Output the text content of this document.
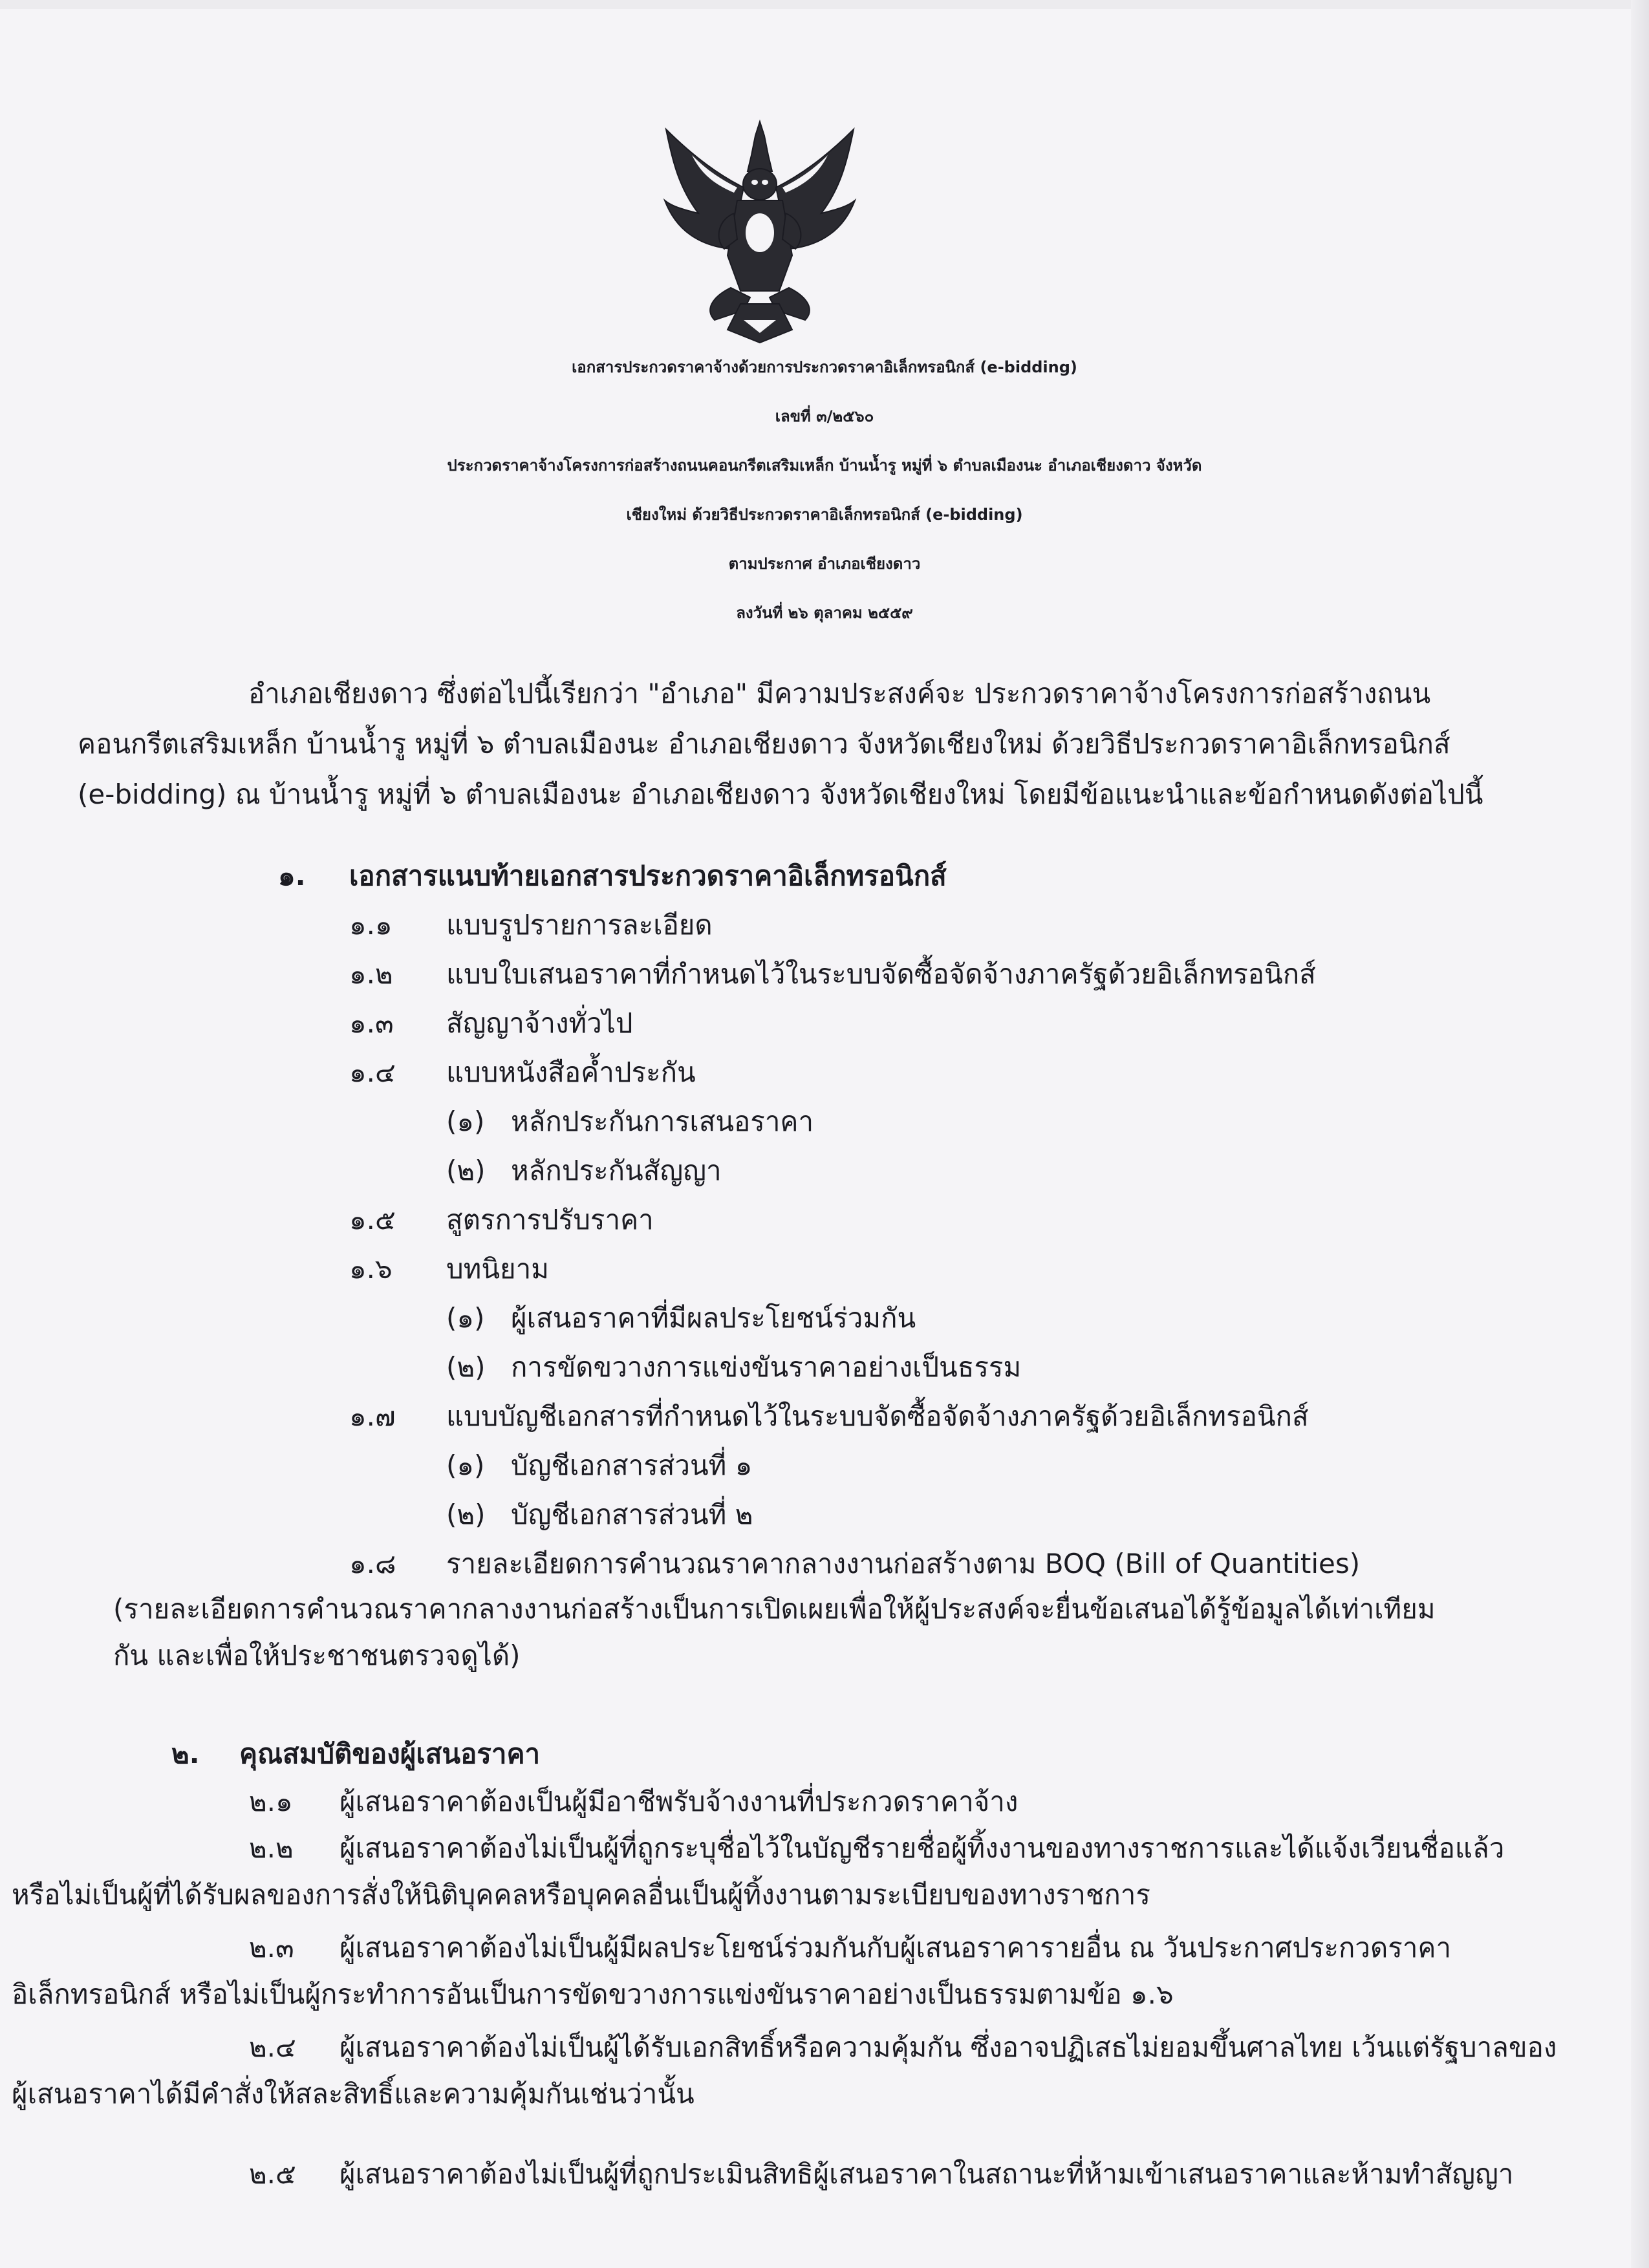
เอกสารประกวดราคาจ้างด้วยการประกวดราคาอิเล็กทรอนิกส์ (e-bidding)
เลขที่ ๓/๒๕๖๐
ประกวดราคาจ้างโครงการก่อสร้างถนนคอนกรีตเสริมเหล็ก บ้านน้ำรู หมู่ที่ ๖ ตำบลเมืองนะ อำเภอเชียงดาว จังหวัด
เชียงใหม่ ด้วยวิธีประกวดราคาอิเล็กทรอนิกส์ (e-bidding)
ตามประกาศ อำเภอเชียงดาว
ลงวันที่ ๒๖ ตุลาคม ๒๕๕๙
อำเภอเชียงดาว ซึ่งต่อไปนี้เรียกว่า "อำเภอ" มีความประสงค์จะ ประกวดราคาจ้างโครงการก่อสร้างถนน
คอนกรีตเสริมเหล็ก บ้านน้ำรู หมู่ที่ ๖ ตำบลเมืองนะ อำเภอเชียงดาว จังหวัดเชียงใหม่ ด้วยวิธีประกวดราคาอิเล็กทรอนิกส์
(e-bidding) ณ บ้านน้ำรู หมู่ที่ ๖ ตำบลเมืองนะ อำเภอเชียงดาว จังหวัดเชียงใหม่ โดยมีข้อแนะนำและข้อกำหนดดังต่อไปนี้
๑. เอกสารแนบท้ายเอกสารประกวดราคาอิเล็กทรอนิกส์
๑.๑ แบบรูปรายการละเอียด
๑.๒ แบบใบเสนอราคาที่กำหนดไว้ในระบบจัดซื้อจัดจ้างภาครัฐด้วยอิเล็กทรอนิกส์
๑.๓ สัญญาจ้างทั่วไป
๑.๔ แบบหนังสือค้ำประกัน
(๑) หลักประกันการเสนอราคา
(๒) หลักประกันสัญญา
๑.๕ สูตรการปรับราคา
๑.๖ บทนิยาม
(๑) ผู้เสนอราคาที่มีผลประโยชน์ร่วมกัน
(๒) การขัดขวางการแข่งขันราคาอย่างเป็นธรรม
๑.๗ แบบบัญชีเอกสารที่กำหนดไว้ในระบบจัดซื้อจัดจ้างภาครัฐด้วยอิเล็กทรอนิกส์
(๑) บัญชีเอกสารส่วนที่ ๑
(๒) บัญชีเอกสารส่วนที่ ๒
๑.๘ รายละเอียดการคำนวณราคากลางงานก่อสร้างตาม BOQ (Bill of Quantities)
(รายละเอียดการคำนวณราคากลางงานก่อสร้างเป็นการเปิดเผยเพื่อให้ผู้ประสงค์จะยื่นข้อเสนอได้รู้ข้อมูลได้เท่าเทียม
กัน และเพื่อให้ประชาชนตรวจดูได้)
๒. คุณสมบัติของผู้เสนอราคา
๒.๑ ผู้เสนอราคาต้องเป็นผู้มีอาชีพรับจ้างงานที่ประกวดราคาจ้าง
๒.๒ ผู้เสนอราคาต้องไม่เป็นผู้ที่ถูกระบุชื่อไว้ในบัญชีรายชื่อผู้ทิ้งงานของทางราชการและได้แจ้งเวียนชื่อแล้ว
หรือไม่เป็นผู้ที่ได้รับผลของการสั่งให้นิติบุคคลหรือบุคคลอื่นเป็นผู้ทิ้งงานตามระเบียบของทางราชการ
๒.๓ ผู้เสนอราคาต้องไม่เป็นผู้มีผลประโยชน์ร่วมกันกับผู้เสนอราคารายอื่น ณ วันประกาศประกวดราคา
อิเล็กทรอนิกส์ หรือไม่เป็นผู้กระทำการอันเป็นการขัดขวางการแข่งขันราคาอย่างเป็นธรรมตามข้อ ๑.๖
๒.๔ ผู้เสนอราคาต้องไม่เป็นผู้ได้รับเอกสิทธิ์หรือความคุ้มกัน ซึ่งอาจปฏิเสธไม่ยอมขึ้นศาลไทย เว้นแต่รัฐบาลของ
ผู้เสนอราคาได้มีคำสั่งให้สละสิทธิ์และความคุ้มกันเช่นว่านั้น
๒.๕ ผู้เสนอราคาต้องไม่เป็นผู้ที่ถูกประเมินสิทธิผู้เสนอราคาในสถานะที่ห้ามเข้าเสนอราคาและห้ามทำสัญญา
